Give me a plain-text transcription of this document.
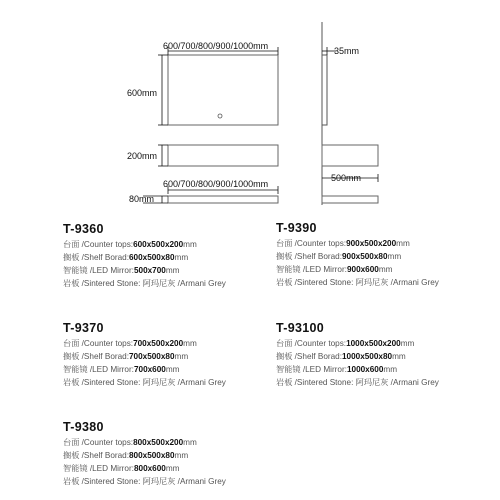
600/700/800/900/1000mm
600mm
35mm
200mm
500mm
600/700/800/900/1000mm
80mm
T-9360
台面 /Counter tops:600x500x200mm
搁板 /Shelf Borad:600x500x80mm
智能镜 /LED Mirror:500x700mm
岩板 /Sintered Stone: 阿玛尼灰 /Armani Grey
T-9390
台面 /Counter tops:900x500x200mm
搁板 /Shelf Borad:900x500x80mm
智能镜 /LED Mirror:900x600mm
岩板 /Sintered Stone: 阿玛尼灰 /Armani Grey
T-9370
台面 /Counter tops:700x500x200mm
搁板 /Shelf Borad:700x500x80mm
智能镜 /LED Mirror:700x600mm
岩板 /Sintered Stone: 阿玛尼灰 /Armani Grey
T-93100
台面 /Counter tops:1000x500x200mm
搁板 /Shelf Borad:1000x500x80mm
智能镜 /LED Mirror:1000x600mm
岩板 /Sintered Stone: 阿玛尼灰 /Armani Grey
T-9380
台面 /Counter tops:800x500x200mm
搁板 /Shelf Borad:800x500x80mm
智能镜 /LED Mirror:800x600mm
岩板 /Sintered Stone: 阿玛尼灰 /Armani Grey
